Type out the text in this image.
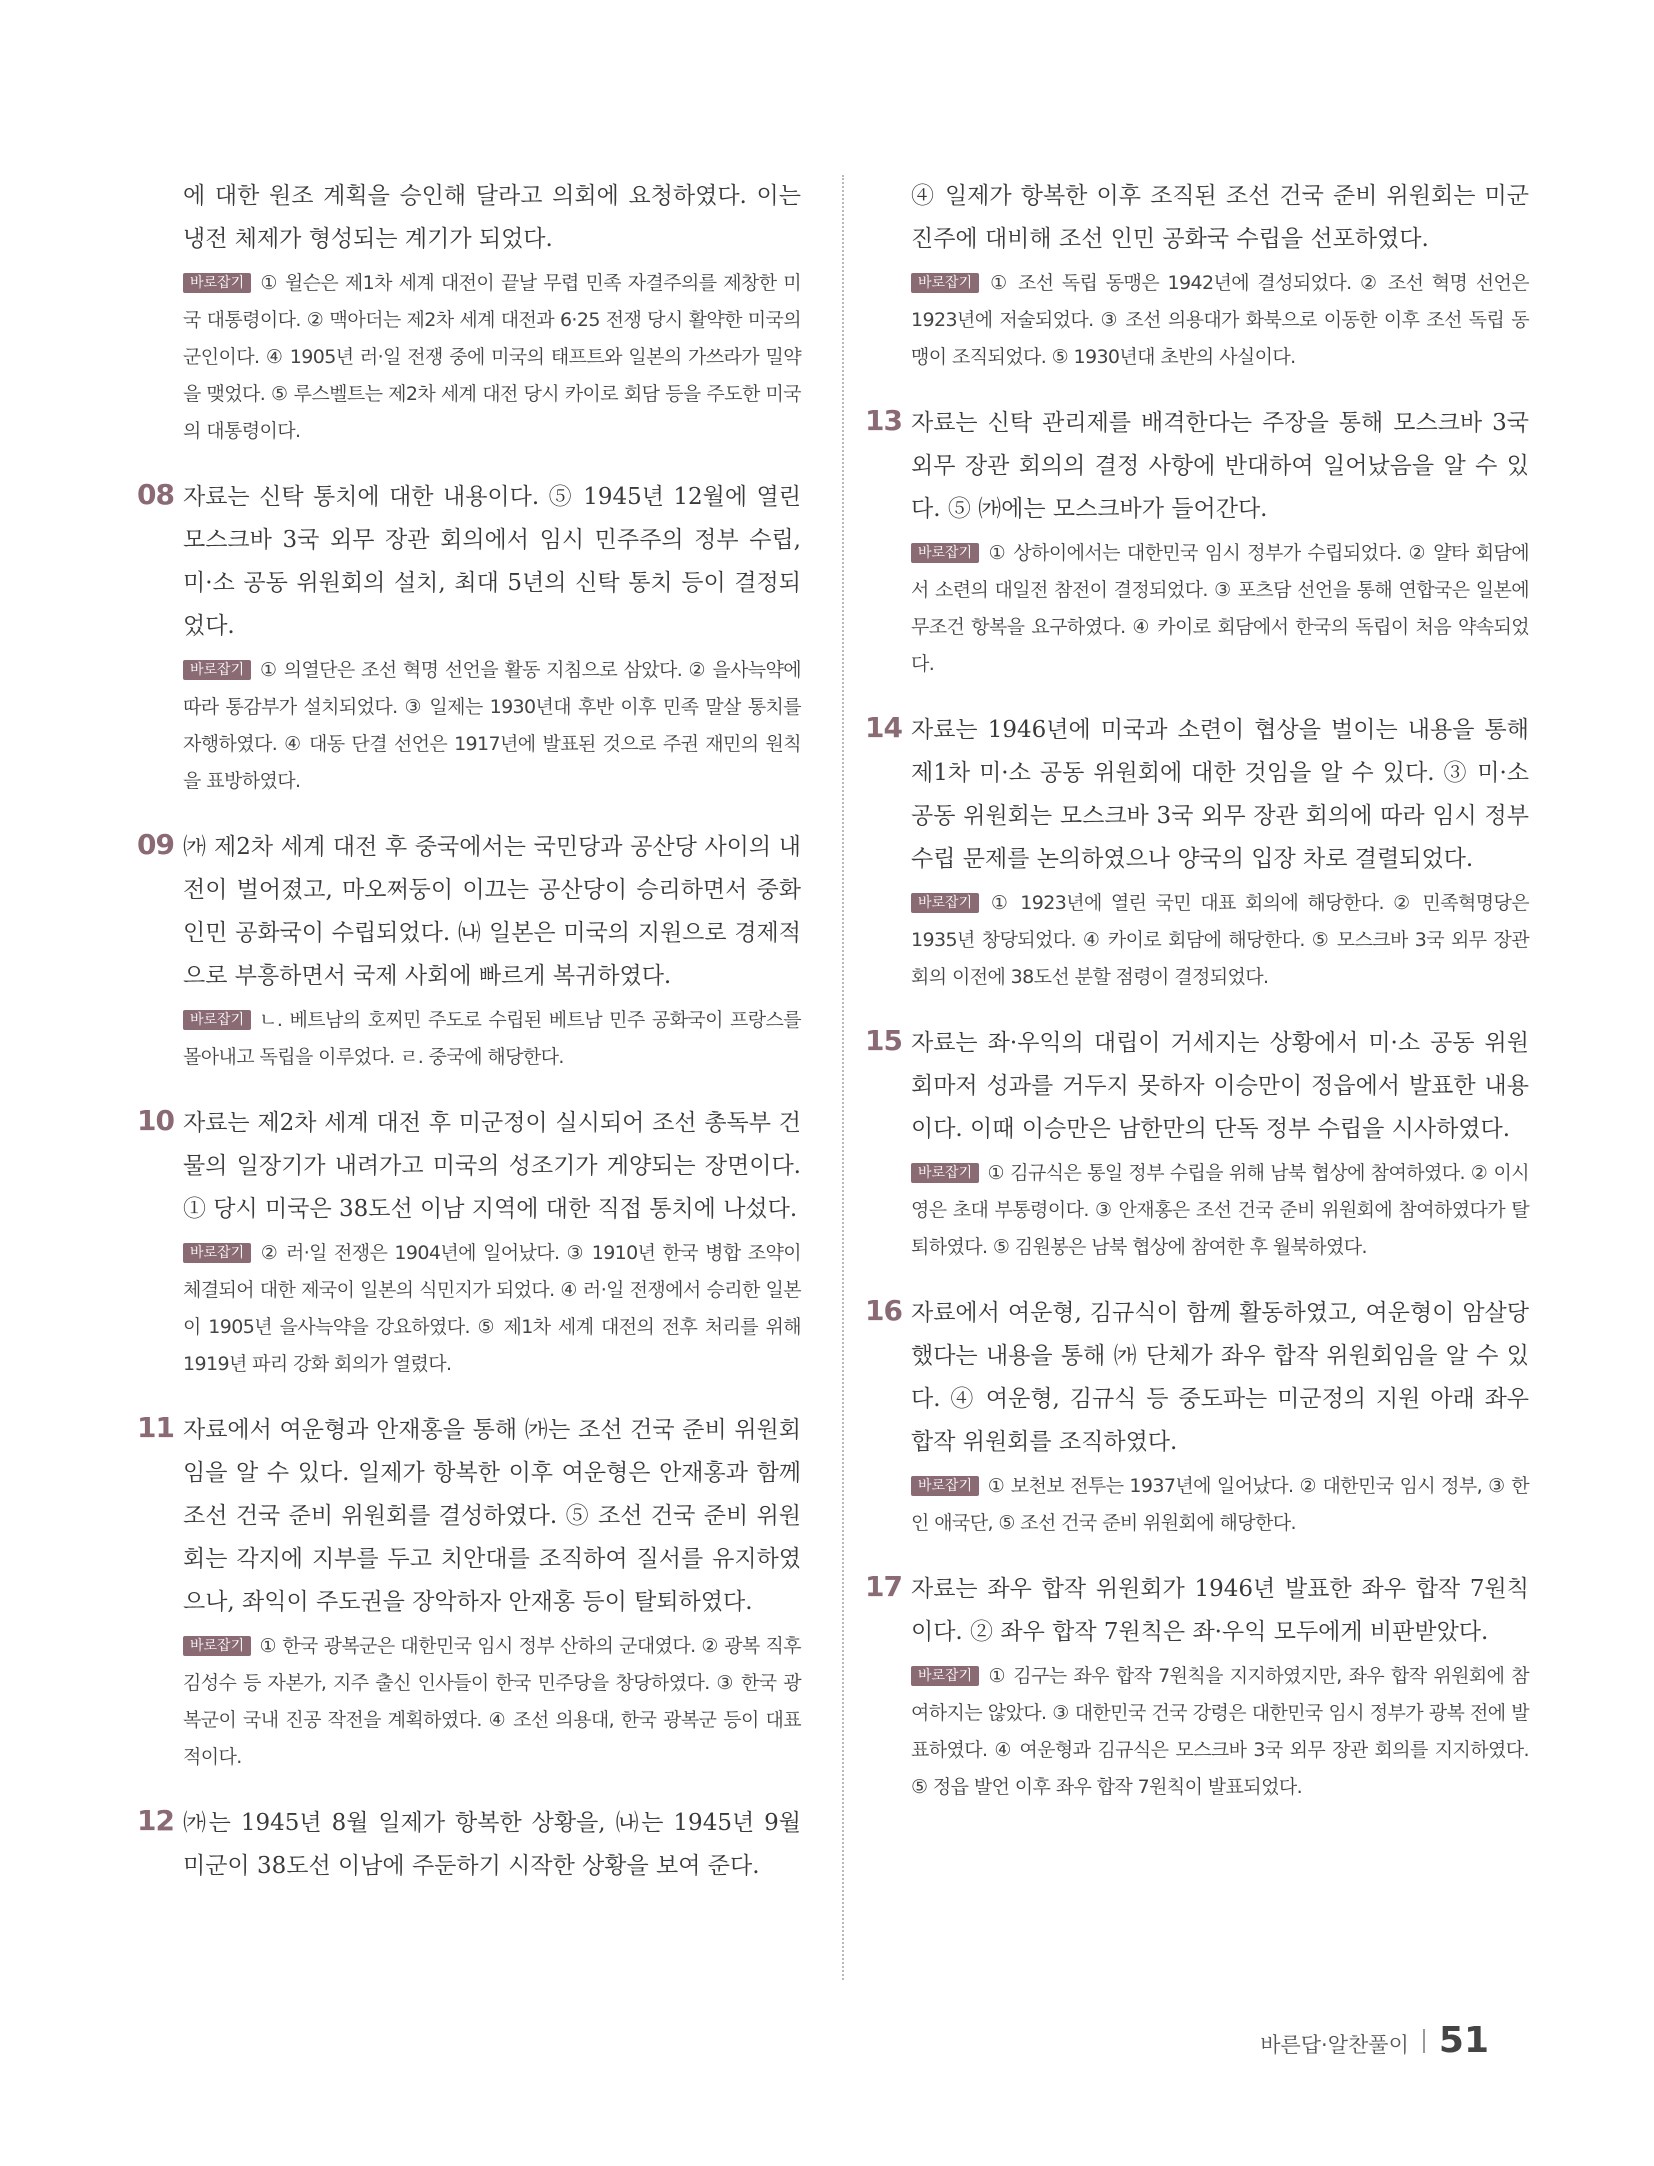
에 대한 원조 계획을 승인해 달라고 의회에 요청하였다. 이는 냉전 체제가 형성되는 계기가 되었다.

바로잡기 ① 윌슨은 제1차 세계 대전이 끝날 무렵 민족 자결주의를 제창한 미국 대통령이다. ② 맥아더는 제2차 세계 대전과 6·25 전쟁 당시 활약한 미국의 군인이다. ④ 1905년 러·일 전쟁 중에 미국의 태프트와 일본의 가쓰라가 밀약을 맺었다. ⑤ 루스벨트는 제2차 세계 대전 당시 카이로 회담 등을 주도한 미국의 대통령이다.

08 자료는 신탁 통치에 대한 내용이다. ⑤ 1945년 12월에 열린 모스크바 3국 외무 장관 회의에서 임시 민주주의 정부 수립, 미·소 공동 위원회의 설치, 최대 5년의 신탁 통치 등이 결정되었다.

바로잡기 ① 의열단은 조선 혁명 선언을 활동 지침으로 삼았다. ② 을사늑약에 따라 통감부가 설치되었다. ③ 일제는 1930년대 후반 이후 민족 말살 통치를 자행하였다. ④ 대동 단결 선언은 1917년에 발표된 것으로 주권 재민의 원칙을 표방하였다.

09 ㈎ 제2차 세계 대전 후 중국에서는 국민당과 공산당 사이의 내전이 벌어졌고, 마오쩌둥이 이끄는 공산당이 승리하면서 중화 인민 공화국이 수립되었다. ㈏ 일본은 미국의 지원으로 경제적으로 부흥하면서 국제 사회에 빠르게 복귀하였다.

바로잡기 ㄴ. 베트남의 호찌민 주도로 수립된 베트남 민주 공화국이 프랑스를 몰아내고 독립을 이루었다. ㄹ. 중국에 해당한다.

10 자료는 제2차 세계 대전 후 미군정이 실시되어 조선 총독부 건물의 일장기가 내려가고 미국의 성조기가 게양되는 장면이다. ① 당시 미국은 38도선 이남 지역에 대한 직접 통치에 나섰다.

바로잡기 ② 러·일 전쟁은 1904년에 일어났다. ③ 1910년 한국 병합 조약이 체결되어 대한 제국이 일본의 식민지가 되었다. ④ 러·일 전쟁에서 승리한 일본이 1905년 을사늑약을 강요하였다. ⑤ 제1차 세계 대전의 전후 처리를 위해 1919년 파리 강화 회의가 열렸다.

11 자료에서 여운형과 안재홍을 통해 ㈎는 조선 건국 준비 위원회임을 알 수 있다. 일제가 항복한 이후 여운형은 안재홍과 함께 조선 건국 준비 위원회를 결성하였다. ⑤ 조선 건국 준비 위원회는 각지에 지부를 두고 치안대를 조직하여 질서를 유지하였으나, 좌익이 주도권을 장악하자 안재홍 등이 탈퇴하였다.

바로잡기 ① 한국 광복군은 대한민국 임시 정부 산하의 군대였다. ② 광복 직후 김성수 등 자본가, 지주 출신 인사들이 한국 민주당을 창당하였다. ③ 한국 광복군이 국내 진공 작전을 계획하였다. ④ 조선 의용대, 한국 광복군 등이 대표적이다.

12 ㈎는 1945년 8월 일제가 항복한 상황을, ㈏는 1945년 9월 미군이 38도선 이남에 주둔하기 시작한 상황을 보여 준다.

④ 일제가 항복한 이후 조직된 조선 건국 준비 위원회는 미군 진주에 대비해 조선 인민 공화국 수립을 선포하였다.

바로잡기 ① 조선 독립 동맹은 1942년에 결성되었다. ② 조선 혁명 선언은 1923년에 저술되었다. ③ 조선 의용대가 화북으로 이동한 이후 조선 독립 동맹이 조직되었다. ⑤ 1930년대 초반의 사실이다.

13 자료는 신탁 관리제를 배격한다는 주장을 통해 모스크바 3국 외무 장관 회의의 결정 사항에 반대하여 일어났음을 알 수 있다. ⑤ ㈎에는 모스크바가 들어간다.

바로잡기 ① 상하이에서는 대한민국 임시 정부가 수립되었다. ② 얄타 회담에서 소련의 대일전 참전이 결정되었다. ③ 포츠담 선언을 통해 연합국은 일본에 무조건 항복을 요구하였다. ④ 카이로 회담에서 한국의 독립이 처음 약속되었다.

14 자료는 1946년에 미국과 소련이 협상을 벌이는 내용을 통해 제1차 미·소 공동 위원회에 대한 것임을 알 수 있다. ③ 미·소 공동 위원회는 모스크바 3국 외무 장관 회의에 따라 임시 정부 수립 문제를 논의하였으나 양국의 입장 차로 결렬되었다.

바로잡기 ① 1923년에 열린 국민 대표 회의에 해당한다. ② 민족혁명당은 1935년 창당되었다. ④ 카이로 회담에 해당한다. ⑤ 모스크바 3국 외무 장관 회의 이전에 38도선 분할 점령이 결정되었다.

15 자료는 좌·우익의 대립이 거세지는 상황에서 미·소 공동 위원회마저 성과를 거두지 못하자 이승만이 정읍에서 발표한 내용이다. 이때 이승만은 남한만의 단독 정부 수립을 시사하였다.

바로잡기 ① 김규식은 통일 정부 수립을 위해 남북 협상에 참여하였다. ② 이시영은 초대 부통령이다. ③ 안재홍은 조선 건국 준비 위원회에 참여하였다가 탈퇴하였다. ⑤ 김원봉은 남북 협상에 참여한 후 월북하였다.

16 자료에서 여운형, 김규식이 함께 활동하였고, 여운형이 암살당했다는 내용을 통해 ㈎ 단체가 좌우 합작 위원회임을 알 수 있다. ④ 여운형, 김규식 등 중도파는 미군정의 지원 아래 좌우 합작 위원회를 조직하였다.

바로잡기 ① 보천보 전투는 1937년에 일어났다. ② 대한민국 임시 정부, ③ 한인 애국단, ⑤ 조선 건국 준비 위원회에 해당한다.

17 자료는 좌우 합작 위원회가 1946년 발표한 좌우 합작 7원칙이다. ② 좌우 합작 7원칙은 좌·우익 모두에게 비판받았다.

바로잡기 ① 김구는 좌우 합작 7원칙을 지지하였지만, 좌우 합작 위원회에 참여하지는 않았다. ③ 대한민국 건국 강령은 대한민국 임시 정부가 광복 전에 발표하였다. ④ 여운형과 김규식은 모스크바 3국 외무 장관 회의를 지지하였다. ⑤ 정읍 발언 이후 좌우 합작 7원칙이 발표되었다.

바른답·알찬풀이 51
